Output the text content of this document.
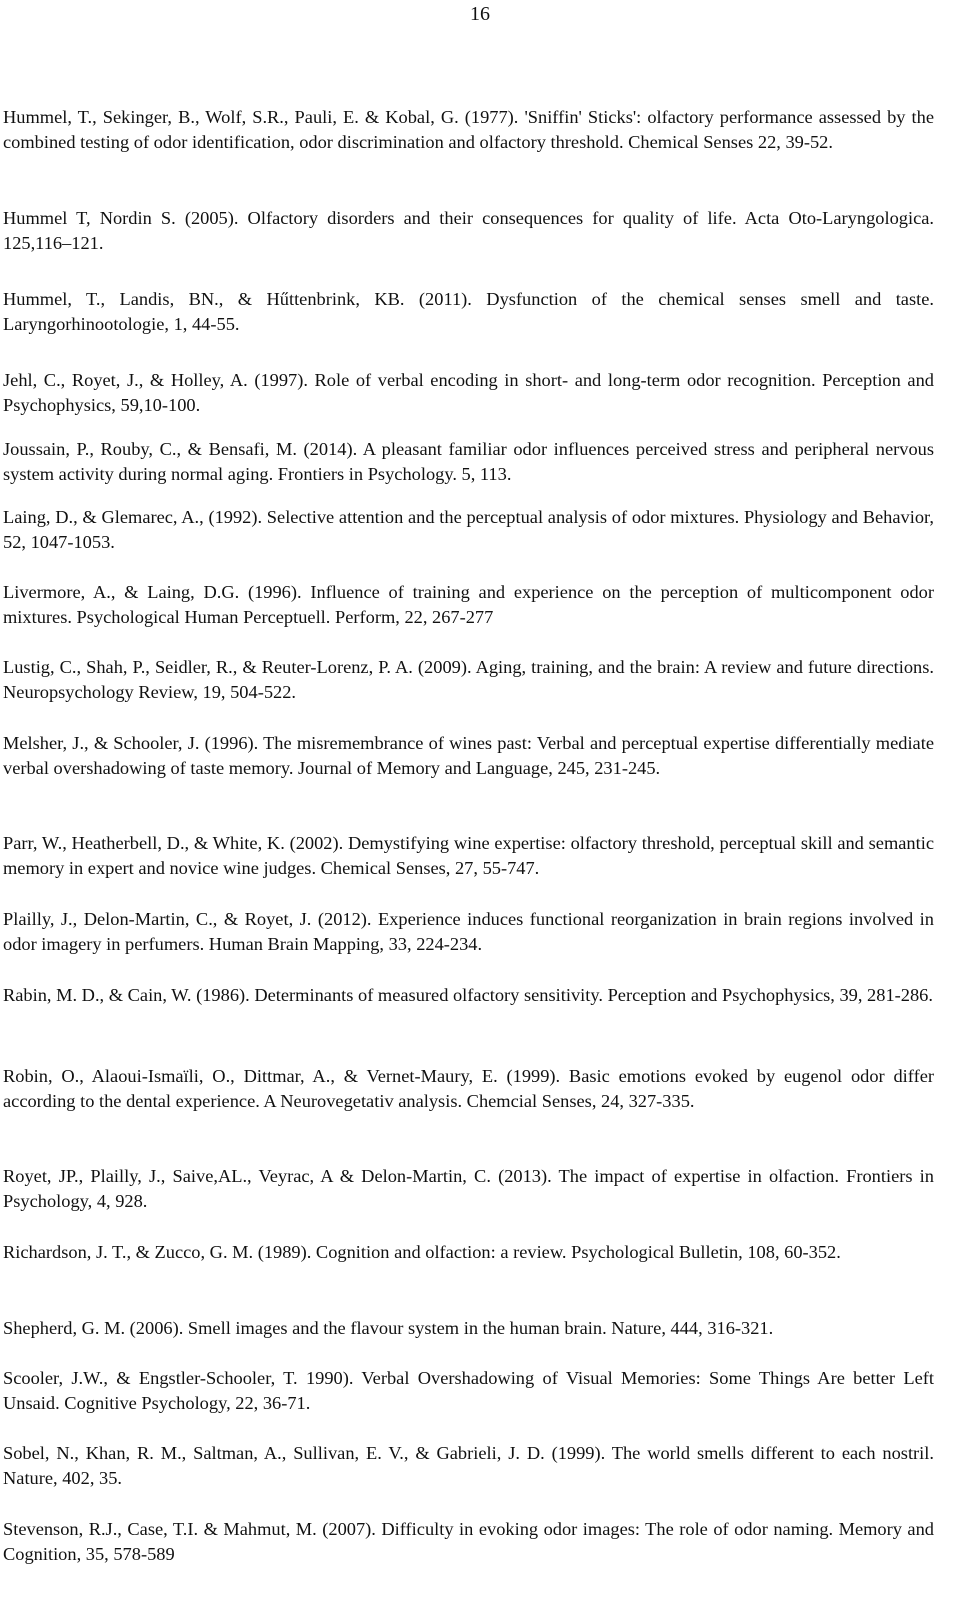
16

Hummel, T., Sekinger, B., Wolf, S.R., Pauli, E. & Kobal, G. (1977). 'Sniffin' Sticks': olfactory performance assessed by the combined testing of odor identification, odor discrimination and olfactory threshold. Chemical Senses 22, 39-52.

Hummel T, Nordin S. (2005). Olfactory disorders and their consequences for quality of life. Acta Oto-Laryngologica. 125,116–121.

Hummel, T., Landis, BN., & Hűttenbrink, KB. (2011). Dysfunction of the chemical senses smell and taste. Laryngorhinootologie, 1, 44-55.

Jehl, C., Royet, J., & Holley, A. (1997). Role of verbal encoding in short- and long-term odor recognition. Perception and Psychophysics, 59,10-100.

Joussain, P., Rouby, C., & Bensafi, M. (2014). A pleasant familiar odor influences perceived stress and peripheral nervous system activity during normal aging. Frontiers in Psychology. 5, 113.

Laing, D., & Glemarec, A., (1992). Selective attention and the perceptual analysis of odor mixtures. Physiology and Behavior, 52, 1047-1053.

Livermore, A., & Laing, D.G. (1996). Influence of training and experience on the perception of multicomponent odor mixtures. Psychological Human Perceptuell. Perform, 22, 267-277

Lustig, C., Shah, P., Seidler, R., & Reuter-Lorenz, P. A. (2009). Aging, training, and the brain: A review and future directions. Neuropsychology Review, 19, 504-522.

Melsher, J., & Schooler, J. (1996). The misremembrance of wines past: Verbal and perceptual expertise differentially mediate verbal overshadowing of taste memory. Journal of Memory and Language, 245, 231-245.

Parr, W., Heatherbell, D., & White, K. (2002). Demystifying wine expertise: olfactory threshold, perceptual skill and semantic memory in expert and novice wine judges. Chemical Senses, 27, 55-747.

Plailly, J., Delon-Martin, C., & Royet, J. (2012). Experience induces functional reorganization in brain regions involved in odor imagery in perfumers. Human Brain Mapping, 33, 224-234.

Rabin, M. D., & Cain, W. (1986). Determinants of measured olfactory sensitivity. Perception and Psychophysics, 39, 281-286.

Robin, O., Alaoui-Ismaïli, O., Dittmar, A., & Vernet-Maury, E. (1999). Basic emotions evoked by eugenol odor differ according to the dental experience. A Neurovegetativ analysis. Chemcial Senses, 24, 327-335.

Royet, JP., Plailly, J., Saive,AL., Veyrac, A & Delon-Martin, C. (2013). The impact of expertise in olfaction. Frontiers in Psychology, 4, 928.

Richardson, J. T., & Zucco, G. M. (1989). Cognition and olfaction: a review. Psychological Bulletin, 108, 60-352.

Shepherd, G. M. (2006). Smell images and the flavour system in the human brain. Nature, 444, 316-321.

Scooler, J.W., & Engstler-Schooler, T. 1990). Verbal Overshadowing of Visual Memories: Some Things Are better Left Unsaid. Cognitive Psychology, 22, 36-71.

Sobel, N., Khan, R. M., Saltman, A., Sullivan, E. V., & Gabrieli, J. D. (1999). The world smells different to each nostril. Nature, 402, 35.

Stevenson, R.J., Case, T.I. & Mahmut, M. (2007). Difficulty in evoking odor images: The role of odor naming. Memory and Cognition, 35, 578-589
